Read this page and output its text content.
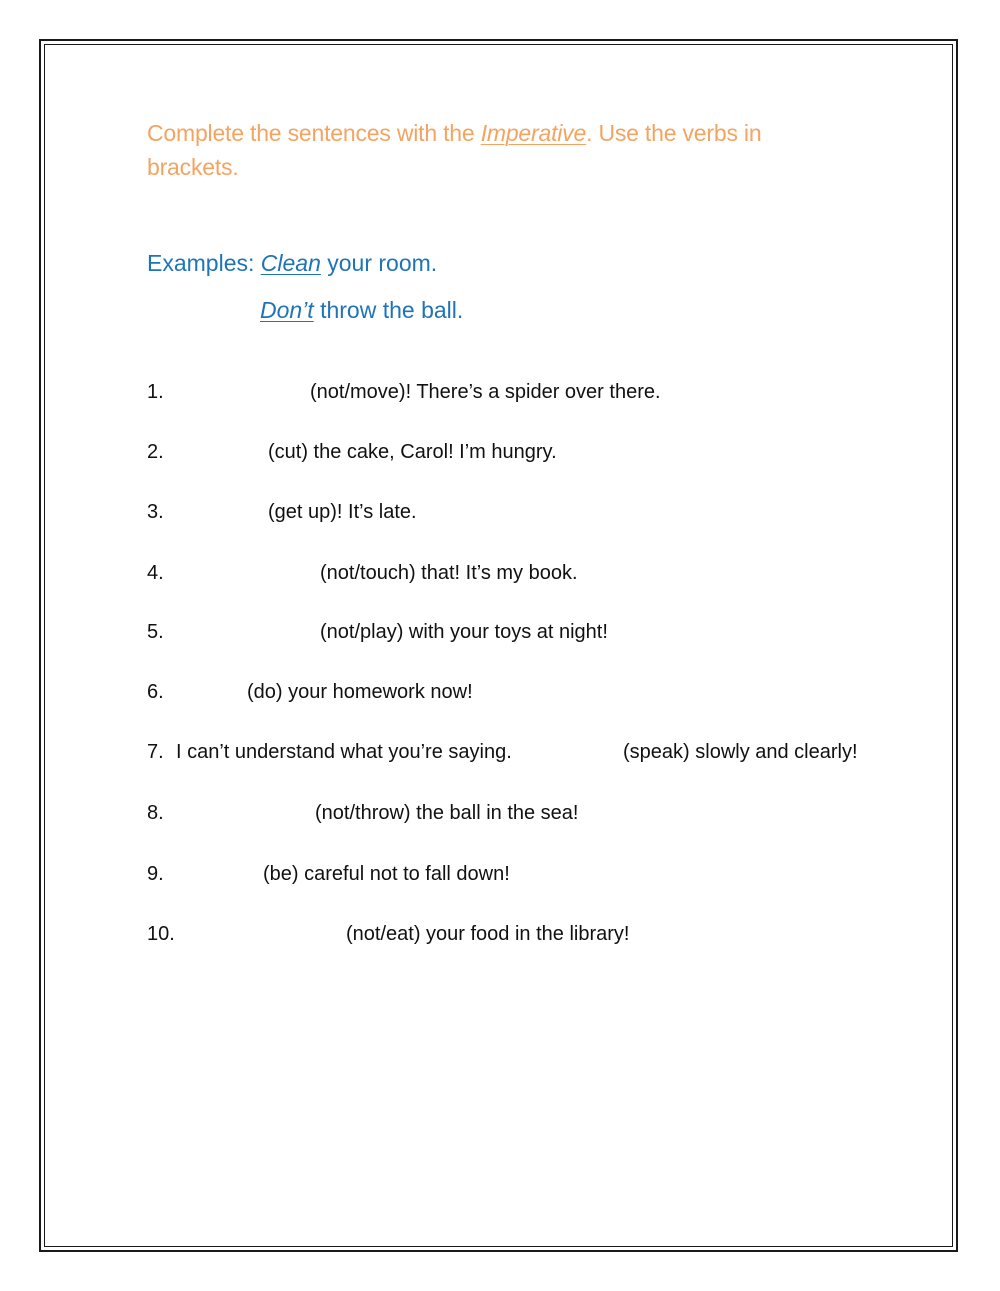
Complete the sentences with the Imperative. Use the verbs in brackets.
Examples: Clean your room.
Don’t throw the ball.
1.	(not/move)! There’s a spider over there.
2.	(cut) the cake, Carol! I’m hungry.
3.	(get up)! It’s late.
4.	(not/touch) that! It’s my book.
5.	(not/play) with your toys at night!
6.	(do) your homework now!
7. I can’t understand what you’re saying.	(speak) slowly and clearly!
8.	(not/throw) the ball in the sea!
9.	(be) careful not to fall down!
10.	(not/eat) your food in the library!
